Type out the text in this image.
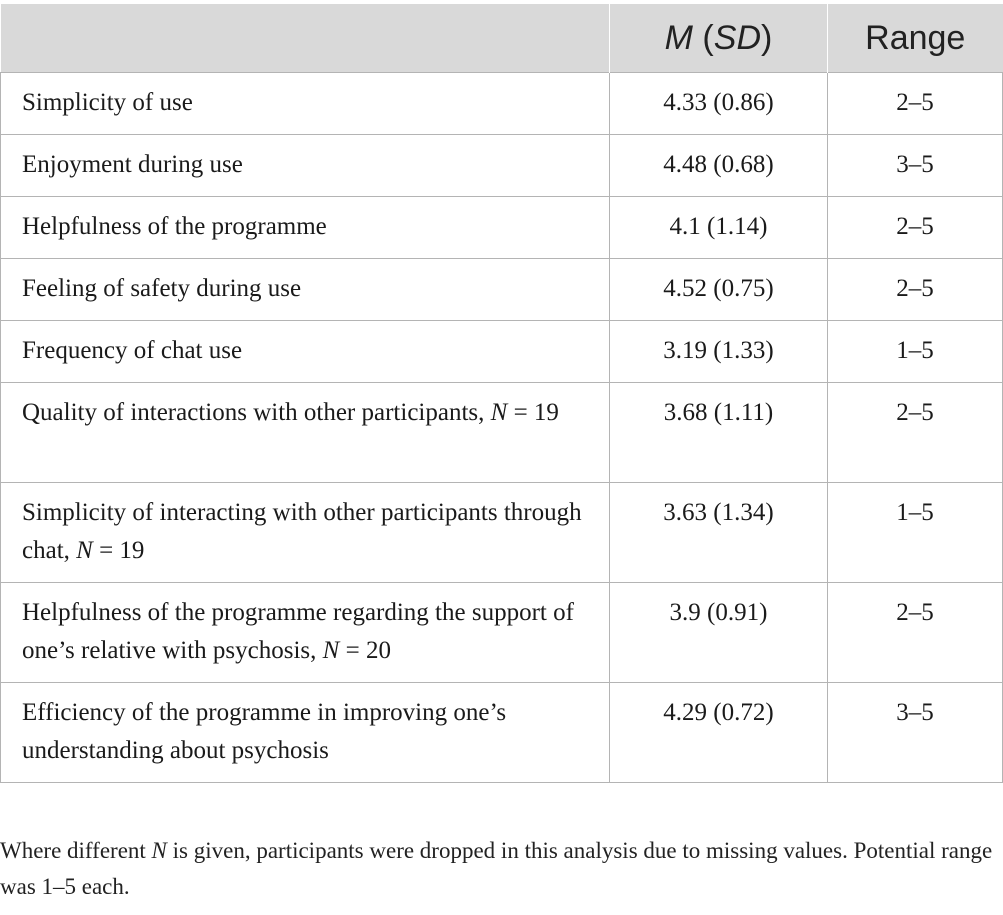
	M (SD)	Range
Simplicity of use	4.33 (0.86)	2–5
Enjoyment during use	4.48 (0.68)	3–5
Helpfulness of the programme	4.1 (1.14)	2–5
Feeling of safety during use	4.52 (0.75)	2–5
Frequency of chat use	3.19 (1.33)	1–5
Quality of interactions with other participants, N = 19	3.68 (1.11)	2–5
Simplicity of interacting with other participants through chat, N = 19	3.63 (1.34)	1–5
Helpfulness of the programme regarding the support of one’s relative with psychosis, N = 20	3.9 (0.91)	2–5
Efficiency of the programme in improving one’s understanding about psychosis	4.29 (0.72)	3–5
Where different N is given, participants were dropped in this analysis due to missing values. Potential range was 1–5 each.
